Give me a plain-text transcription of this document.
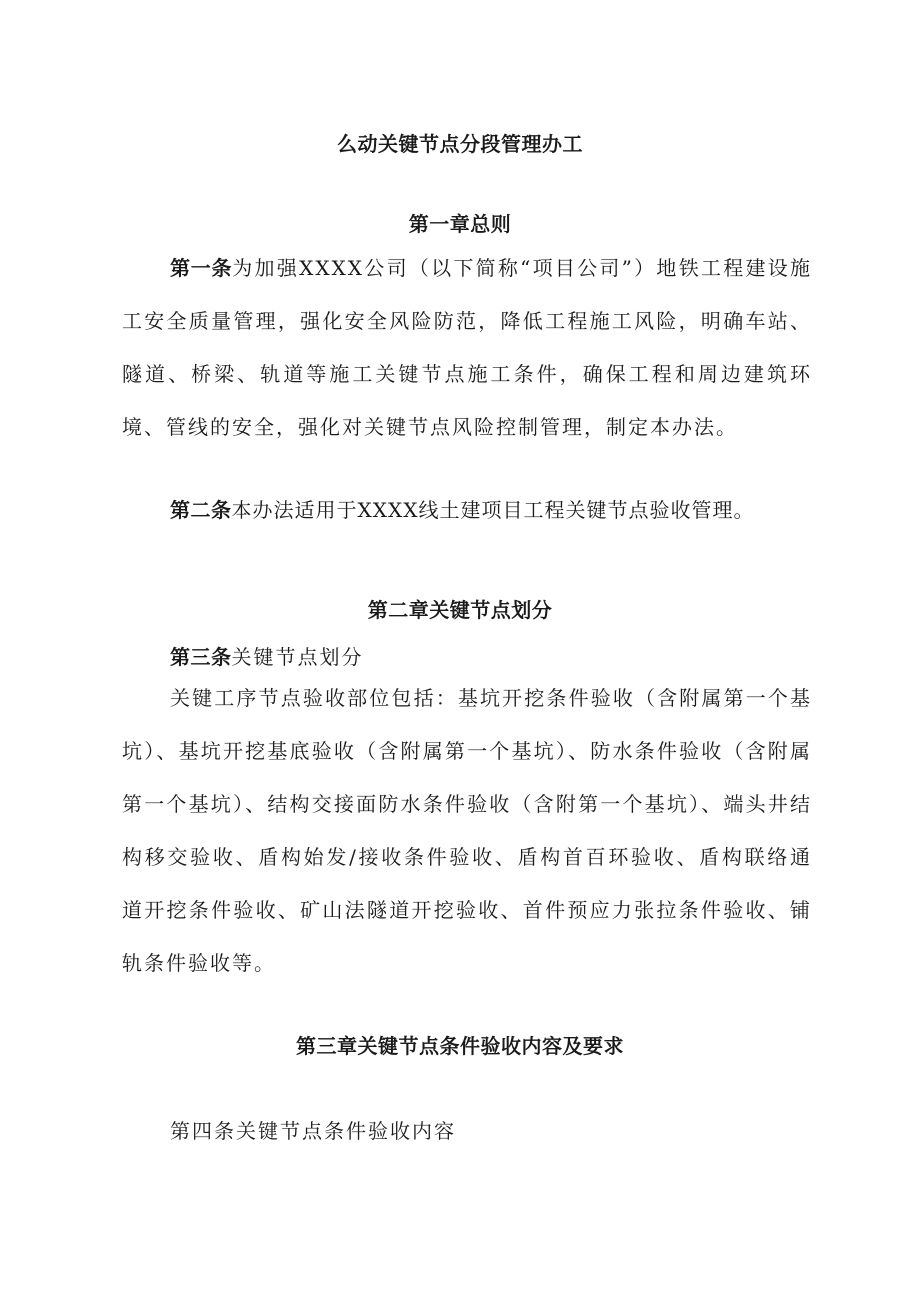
么动关键节点分段管理办工
第一章总则
第一条为加强XXXX公司（以下简称“项目公司”）地铁工程建设施工安全质量管理，强化安全风险防范，降低工程施工风险，明确车站、隧道、桥梁、轨道等施工关键节点施工条件，确保工程和周边建筑环境、管线的安全，强化对关键节点风险控制管理，制定本办法。
第二条本办法适用于XXXX线土建项目工程关键节点验收管理。
第二章关键节点划分
第三条关键节点划分
关键工序节点验收部位包括：基坑开挖条件验收（含附属第一个基坑）、基坑开挖基底验收（含附属第一个基坑）、防水条件验收（含附属第一个基坑）、结构交接面防水条件验收（含附第一个基坑）、端头井结构移交验收、盾构始发/接收条件验收、盾构首百环验收、盾构联络通道开挖条件验收、矿山法隧道开挖验收、首件预应力张拉条件验收、铺轨条件验收等。
第三章关键节点条件验收内容及要求
第四条关键节点条件验收内容
